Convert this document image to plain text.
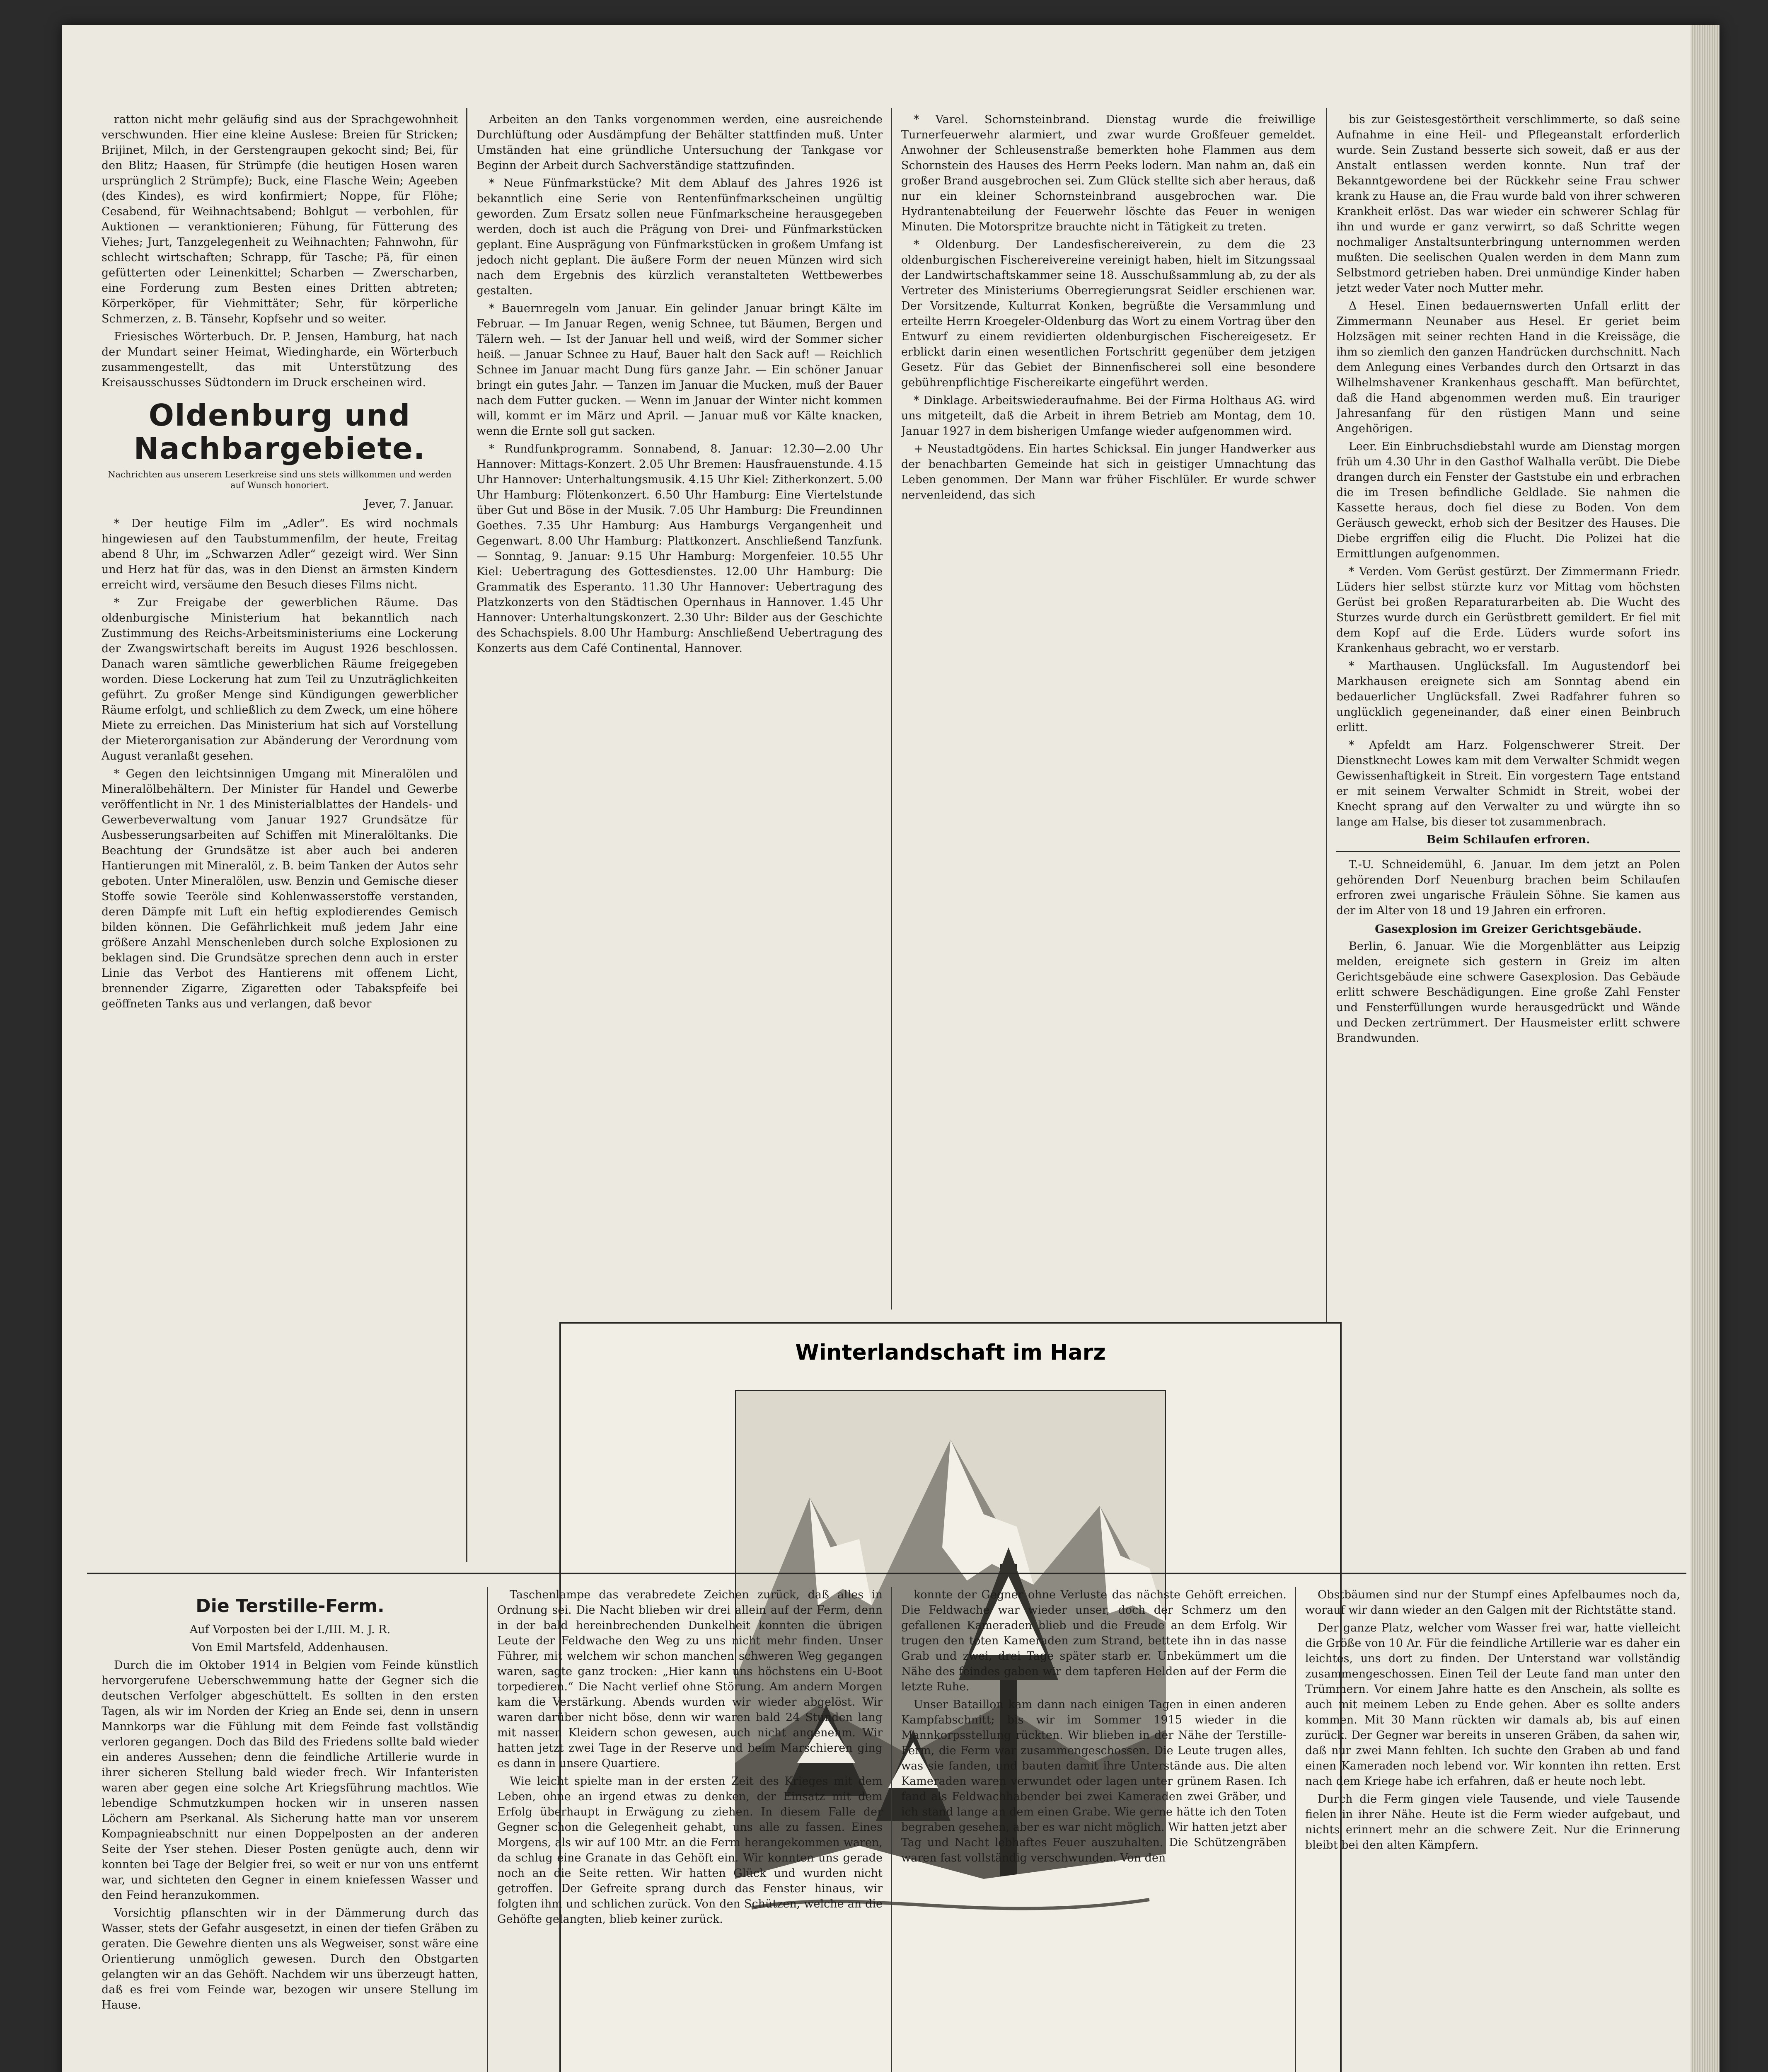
ratton nicht mehr geläufig sind aus der Sprachgewohnheit verschwunden. Hier eine kleine Auslese: Breien für Stricken; Brijinet, Milch, in der Gerstengraupen gekocht sind; Bei, für den Blitz; Haasen, für Strümpfe (die heutigen Hosen waren ursprünglich 2 Strümpfe); Buck, eine Flasche Wein; Ageeben (des Kindes), es wird konfirmiert; Noppe, für Flöhe; Cesabend, für Weihnachtsabend; Bohlgut — verbohlen, für Auktionen — veranktionieren; Fühung, für Fütterung des Viehes; Jurt, Tanzgelegenheit zu Weihnachten; Fahnwohn, für schlecht wirtschaften; Schrapp, für Tasche; Pä, für einen gefütterten oder Leinenkittel; Scharben — Zwerscharben, eine Forderung zum Besten eines Dritten abtreten; Körperköper, für Viehmittäter; Sehr, für körperliche Schmerzen, z. B. Tänsehr, Kopfsehr und so weiter.

Friesisches Wörterbuch. Dr. P. Jensen, Hamburg, hat nach der Mundart seiner Heimat, Wiedingharde, ein Wörterbuch zusammengestellt, das mit Unterstützung des Kreisausschusses Südtondern im Druck erscheinen wird.

Oldenburg und Nachbargebiete.
Nachrichten aus unserem Leserkreise sind uns stets willkommen und werden auf Wunsch honoriert.
Jever, 7. Januar.

* Der heutige Film im „Adler“. Es wird nochmals hingewiesen auf den Taubstummenfilm, der heute, Freitag abend 8 Uhr, im „Schwarzen Adler“ gezeigt wird. Wer Sinn und Herz hat für das, was in den Dienst an ärmsten Kindern erreicht wird, versäume den Besuch dieses Films nicht.

* Zur Freigabe der gewerblichen Räume. Das oldenburgische Ministerium hat bekanntlich nach Zustimmung des Reichs-Arbeitsministeriums eine Lockerung der Zwangswirtschaft bereits im August 1926 beschlossen. Danach waren sämtliche gewerblichen Räume freigegeben worden. Diese Lockerung hat zum Teil zu Unzuträglichkeiten geführt. Zu großer Menge sind Kündigungen gewerblicher Räume erfolgt, und schließlich zu dem Zweck, um eine höhere Miete zu erreichen. Das Ministerium hat sich auf Vorstellung der Mieterorganisation zur Abänderung der Verordnung vom August veranlaßt gesehen.

* Gegen den leichtsinnigen Umgang mit Mineralölen und Mineralölbehältern. Der Minister für Handel und Gewerbe veröffentlicht in Nr. 1 des Ministerialblattes der Handels- und Gewerbeverwaltung vom Januar 1927 Grundsätze für Ausbesserungsarbeiten auf Schiffen mit Mineralöltanks. Die Beachtung der Grundsätze ist aber auch bei anderen Hantierungen mit Mineralöl, z. B. beim Tanken der Autos sehr geboten. Unter Mineralölen, usw. Benzin und Gemische dieser Stoffe sowie Teeröle sind Kohlenwasserstoffe verstanden, deren Dämpfe mit Luft ein heftig explodierendes Gemisch bilden können. Die Gefährlichkeit muß jedem Jahr eine größere Anzahl Menschenleben durch solche Explosionen zu beklagen sind. Die Grundsätze sprechen denn auch in erster Linie das Verbot des Hantierens mit offenem Licht, brennender Zigarre, Zigaretten oder Tabakspfeife bei geöffneten Tanks aus und verlangen, daß bevor

Arbeiten an den Tanks vorgenommen werden, eine ausreichende Durchlüftung oder Ausdämpfung der Behälter stattfinden muß. Unter Umständen hat eine gründliche Untersuchung der Tankgase vor Beginn der Arbeit durch Sachverständige stattzufinden.

* Neue Fünfmarkstücke? Mit dem Ablauf des Jahres 1926 ist bekanntlich eine Serie von Rentenfünfmarkscheinen ungültig geworden. Zum Ersatz sollen neue Fünfmarkscheine herausgegeben werden, doch ist auch die Prägung von Drei- und Fünfmarkstücken geplant. Eine Ausprägung von Fünfmarkstücken in großem Umfang ist jedoch nicht geplant. Die äußere Form der neuen Münzen wird sich nach dem Ergebnis des kürzlich veranstalteten Wettbewerbes gestalten.

* Bauernregeln vom Januar. Ein gelinder Januar bringt Kälte im Februar. — Im Januar Regen, wenig Schnee, tut Bäumen, Bergen und Tälern weh. — Ist der Januar hell und weiß, wird der Sommer sicher heiß. — Januar Schnee zu Hauf, Bauer halt den Sack auf! — Reichlich Schnee im Januar macht Dung fürs ganze Jahr. — Ein schöner Januar bringt ein gutes Jahr. — Tanzen im Januar die Mucken, muß der Bauer nach dem Futter gucken. — Wenn im Januar der Winter nicht kommen will, kommt er im März und April. — Januar muß vor Kälte knacken, wenn die Ernte soll gut sacken.

* Rundfunkprogramm. Sonnabend, 8. Januar: 12.30—2.00 Uhr Hannover: Mittags-Konzert. 2.05 Uhr Bremen: Hausfrauenstunde. 4.15 Uhr Hannover: Unterhaltungsmusik. 4.15 Uhr Kiel: Zitherkonzert. 5.00 Uhr Hamburg: Flötenkonzert. 6.50 Uhr Hamburg: Eine Viertelstunde über Gut und Böse in der Musik. 7.05 Uhr Hamburg: Die Freundinnen Goethes. 7.35 Uhr Hamburg: Aus Hamburgs Vergangenheit und Gegenwart. 8.00 Uhr Hamburg: Plattkonzert. Anschließend Tanzfunk. — Sonntag, 9. Januar: 9.15 Uhr Hamburg: Morgenfeier. 10.55 Uhr Kiel: Uebertragung des Gottesdienstes. 12.00 Uhr Hamburg: Die Grammatik des Esperanto. 11.30 Uhr Hannover: Uebertragung des Platzkonzerts von den Städtischen Opernhaus in Hannover. 1.45 Uhr Hannover: Unterhaltungskonzert. 2.30 Uhr: Bilder aus der Geschichte des Schachspiels. 8.00 Uhr Hamburg: Anschließend Uebertragung des Konzerts aus dem Café Continental, Hannover.

* Varel. Schornsteinbrand. Dienstag wurde die freiwillige Turnerfeuerwehr alarmiert, und zwar wurde Großfeuer gemeldet. Anwohner der Schleusenstraße bemerkten hohe Flammen aus dem Schornstein des Hauses des Herrn Peeks lodern. Man nahm an, daß ein großer Brand ausgebrochen sei. Zum Glück stellte sich aber heraus, daß nur ein kleiner Schornsteinbrand ausgebrochen war. Die Hydrantenabteilung der Feuerwehr löschte das Feuer in wenigen Minuten. Die Motorspritze brauchte nicht in Tätigkeit zu treten.

* Oldenburg. Der Landesfischereiverein, zu dem die 23 oldenburgischen Fischereivereine vereinigt haben, hielt im Sitzungssaal der Landwirtschaftskammer seine 18. Ausschußsammlung ab, zu der als Vertreter des Ministeriums Oberregierungsrat Seidler erschienen war. Der Vorsitzende, Kulturrat Konken, begrüßte die Versammlung und erteilte Herrn Kroegeler-Oldenburg das Wort zu einem Vortrag über den Entwurf zu einem revidierten oldenburgischen Fischereigesetz. Er erblickt darin einen wesentlichen Fortschritt gegenüber dem jetzigen Gesetz. Für das Gebiet der Binnenfischerei soll eine besondere gebührenpflichtige Fischereikarte eingeführt werden.

* Dinklage. Arbeitswiederaufnahme. Bei der Firma Holthaus AG. wird uns mitgeteilt, daß die Arbeit in ihrem Betrieb am Montag, dem 10. Januar 1927 in dem bisherigen Umfange wieder aufgenommen wird.

+ Neustadtgödens. Ein hartes Schicksal. Ein junger Handwerker aus der benachbarten Gemeinde hat sich in geistiger Umnachtung das Leben genommen. Der Mann war früher Fischlüler. Er wurde schwer nervenleidend, das sich

bis zur Geistesgestörtheit verschlimmerte, so daß seine Aufnahme in eine Heil- und Pflegeanstalt erforderlich wurde. Sein Zustand besserte sich soweit, daß er aus der Anstalt entlassen werden konnte. Nun traf der Bekanntgewordene bei der Rückkehr seine Frau schwer krank zu Hause an, die Frau wurde bald von ihrer schweren Krankheit erlöst. Das war wieder ein schwerer Schlag für ihn und wurde er ganz verwirrt, so daß Schritte wegen nochmaliger Anstaltsunterbringung unternommen werden mußten. Die seelischen Qualen werden in dem Mann zum Selbstmord getrieben haben. Drei unmündige Kinder haben jetzt weder Vater noch Mutter mehr.

Δ Hesel. Einen bedauernswerten Unfall erlitt der Zimmermann Neunaber aus Hesel. Er geriet beim Holzsägen mit seiner rechten Hand in die Kreissäge, die ihm so ziemlich den ganzen Handrücken durchschnitt. Nach dem Anlegung eines Verbandes durch den Ortsarzt in das Wilhelmshavener Krankenhaus geschafft. Man befürchtet, daß die Hand abgenommen werden muß. Ein trauriger Jahresanfang für den rüstigen Mann und seine Angehörigen.

Leer. Ein Einbruchsdiebstahl wurde am Dienstag morgen früh um 4.30 Uhr in den Gasthof Walhalla verübt. Die Diebe drangen durch ein Fenster der Gaststube ein und erbrachen die im Tresen befindliche Geldlade. Sie nahmen die Kassette heraus, doch fiel diese zu Boden. Von dem Geräusch geweckt, erhob sich der Besitzer des Hauses. Die Diebe ergriffen eilig die Flucht. Die Polizei hat die Ermittlungen aufgenommen.

* Verden. Vom Gerüst gestürzt. Der Zimmermann Friedr. Lüders hier selbst stürzte kurz vor Mittag vom höchsten Gerüst bei großen Reparaturarbeiten ab. Die Wucht des Sturzes wurde durch ein Gerüstbrett gemildert. Er fiel mit dem Kopf auf die Erde. Lüders wurde sofort ins Krankenhaus gebracht, wo er verstarb.

* Marthausen. Unglücksfall. Im Augustendorf bei Markhausen ereignete sich am Sonntag abend ein bedauerlicher Unglücksfall. Zwei Radfahrer fuhren so unglücklich gegeneinander, daß einer einen Beinbruch erlitt.

* Apfeldt am Harz. Folgenschwerer Streit. Der Dienstknecht Lowes kam mit dem Verwalter Schmidt wegen Gewissenhaftigkeit in Streit. Ein vorgestern Tage entstand er mit seinem Verwalter Schmidt in Streit, wobei der Knecht sprang auf den Verwalter zu und würgte ihn so lange am Halse, bis dieser tot zusammenbrach.

Beim Schilaufen erfroren.

T.-U. Schneidemühl, 6. Januar. Im dem jetzt an Polen gehörenden Dorf Neuenburg brachen beim Schilaufen erfroren zwei ungarische Fräulein Söhne. Sie kamen aus der im Alter von 18 und 19 Jahren ein erfroren.

Gasexplosion im Greizer Gerichtsgebäude.

Berlin, 6. Januar. Wie die Morgenblätter aus Leipzig melden, ereignete sich gestern in Greiz im alten Gerichtsgebäude eine schwere Gasexplosion. Das Gebäude erlitt schwere Beschädigungen. Eine große Zahl Fenster und Fensterfüllungen wurde herausgedrückt und Wände und Decken zertrümmert. Der Hausmeister erlitt schwere Brandwunden.

Winterlandschaft im Harz
Die Terstille-Ferm.
Auf Vorposten bei der I./III. M. J. R.
Von Emil Martsfeld, Addenhausen.

Durch die im Oktober 1914 in Belgien vom Feinde künstlich hervorgerufene Ueberschwemmung hatte der Gegner sich die deutschen Verfolger abgeschüttelt. Es sollten in den ersten Tagen, als wir im Norden der Krieg an Ende sei, denn in unsern Mannkorps war die Fühlung mit dem Feinde fast vollständig verloren gegangen. Doch das Bild des Friedens sollte bald wieder ein anderes Aussehen; denn die feindliche Artillerie wurde in ihrer sicheren Stellung bald wieder frech. Wir Infanteristen waren aber gegen eine solche Art Kriegsführung machtlos. Wie lebendige Schmutzkumpen hocken wir in unseren nassen Löchern am Pserkanal. Als Sicherung hatte man vor unserem Kompagnieabschnitt nur einen Doppelposten an der anderen Seite der Yser stehen. Dieser Posten genügte auch, denn wir konnten bei Tage der Belgier frei, so weit er nur von uns entfernt war, und sichteten den Gegner in einem kniefessen Wasser und den Feind heranzukommen.

Vorsichtig pflanschten wir in der Dämmerung durch das Wasser, stets der Gefahr ausgesetzt, in einen der tiefen Gräben zu geraten. Die Gewehre dienten uns als Wegweiser, sonst wäre eine Orientierung unmöglich gewesen. Durch den Obstgarten gelangten wir an das Gehöft. Nachdem wir uns überzeugt hatten, daß es frei vom Feinde war, bezogen wir unsere Stellung im Hause.

Taschenlampe das verabredete Zeichen zurück, daß alles in Ordnung sei. Die Nacht blieben wir drei allein auf der Ferm, denn in der bald hereinbrechenden Dunkelheit konnten die übrigen Leute der Feldwache den Weg zu uns nicht mehr finden. Unser Führer, mit welchem wir schon manchen schweren Weg gegangen waren, sagte ganz trocken: „Hier kann uns höchstens ein U-Boot torpedieren.“ Die Nacht verlief ohne Störung. Am andern Morgen kam die Verstärkung. Abends wurden wir wieder abgelöst. Wir waren darüber nicht böse, denn wir waren bald 24 Stunden lang mit nassen Kleidern schon gewesen, auch nicht angenehm. Wir hatten jetzt zwei Tage in der Reserve und beim Marschieren ging es dann in unsere Quartiere.

Wie leicht spielte man in der ersten Zeit des Krieges mit dem Leben, ohne an irgend etwas zu denken, der Einsatz mit dem Erfolg überhaupt in Erwägung zu ziehen. In diesem Falle der Gegner schon die Gelegenheit gehabt, uns alle zu fassen. Eines Morgens, als wir auf 100 Mtr. an die Ferm herangekommen waren, da schlug eine Granate in das Gehöft ein. Wir konnten uns gerade noch an die Seite retten. Wir hatten Glück und wurden nicht getroffen. Der Gefreite sprang durch das Fenster hinaus, wir folgten ihm und schlichen zurück. Von den Schützen, welche an die Gehöfte gelangten, blieb keiner zurück.

konnte der Gegner ohne Verluste das nächste Gehöft erreichen. Die Feldwache war wieder unser, doch der Schmerz um den gefallenen Kameraden blieb und die Freude an dem Erfolg. Wir trugen den toten Kameraden zum Strand, bettete ihn in das nasse Grab und zwei, drei Tage später starb er. Unbekümmert um die Nähe des feindes gaben wir dem tapferen Helden auf der Ferm die letzte Ruhe.

Unser Bataillon kam dann nach einigen Tagen in einen anderen Kampfabschnitt; bis wir im Sommer 1915 wieder in die Mannkorpsstellung rückten. Wir blieben in der Nähe der Terstille-Ferm, die Ferm war zusammengeschossen. Die Leute trugen alles, was sie fanden, und bauten damit ihre Unterstände aus. Die alten Kameraden waren verwundet oder lagen unter grünem Rasen. Ich fand als Feldwachhabender bei zwei Kameraden zwei Gräber, und ich stand lange an dem einen Grabe. Wie gerne hätte ich den Toten begraben gesehen, aber es war nicht möglich. Wir hatten jetzt aber Tag und Nacht lebhaftes Feuer auszuhalten. Die Schützengräben waren fast vollständig verschwunden. Von den

Obstbäumen sind nur der Stumpf eines Apfelbaumes noch da, worauf wir dann wieder an den Galgen mit der Richtstätte stand.

Der ganze Platz, welcher vom Wasser frei war, hatte vielleicht die Größe von 10 Ar. Für die feindliche Artillerie war es daher ein leichtes, uns dort zu finden. Der Unterstand war vollständig zusammengeschossen. Einen Teil der Leute fand man unter den Trümmern. Vor einem Jahre hatte es den Anschein, als sollte es auch mit meinem Leben zu Ende gehen. Aber es sollte anders kommen. Mit 30 Mann rückten wir damals ab, bis auf einen zurück. Der Gegner war bereits in unseren Gräben, da sahen wir, daß nur zwei Mann fehlten. Ich suchte den Graben ab und fand einen Kameraden noch lebend vor. Wir konnten ihn retten. Erst nach dem Kriege habe ich erfahren, daß er heute noch lebt.

Durch die Ferm gingen viele Tausende, und viele Tausende fielen in ihrer Nähe. Heute ist die Ferm wieder aufgebaut, und nichts erinnert mehr an die schwere Zeit. Nur die Erinnerung bleibt bei den alten Kämpfern.
